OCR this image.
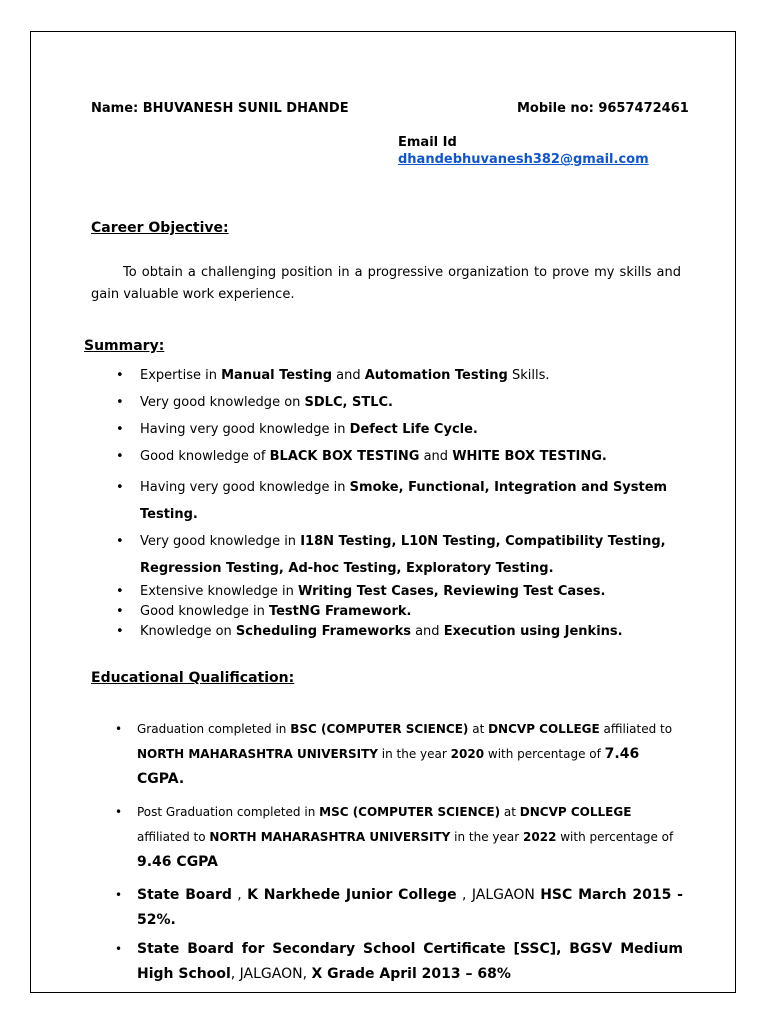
Name: BHUVANESH SUNIL DHANDE	Mobile no: 9657472461
Email Id
dhandebhuvanesh382@gmail.com
Career Objective:
To obtain a challenging position in a progressive organization to prove my skills and gain valuable work experience.
Summary:
• Expertise in Manual Testing and Automation Testing Skills.
• Very good knowledge on SDLC, STLC.
• Having very good knowledge in Defect Life Cycle.
• Good knowledge of BLACK BOX TESTING and WHITE BOX TESTING.
• Having very good knowledge in Smoke, Functional, Integration and System Testing.
• Very good knowledge in I18N Testing, L10N Testing, Compatibility Testing, Regression Testing, Ad-hoc Testing, Exploratory Testing.
• Extensive knowledge in Writing Test Cases, Reviewing Test Cases.
• Good knowledge in TestNG Framework.
• Knowledge on Scheduling Frameworks and Execution using Jenkins.
Educational Qualification:
• Graduation completed in BSC (COMPUTER SCIENCE) at DNCVP COLLEGE affiliated to NORTH MAHARASHTRA UNIVERSITY in the year 2020 with percentage of 7.46 CGPA.
• Post Graduation completed in MSC (COMPUTER SCIENCE) at DNCVP COLLEGE affiliated to NORTH MAHARASHTRA UNIVERSITY in the year 2022 with percentage of 9.46 CGPA
• State Board , K Narkhede Junior College , JALGAON HSC March 2015 - 52%.
• State Board for Secondary School Certificate [SSC], BGSV Medium High School, JALGAON, X Grade April 2013 – 68%
